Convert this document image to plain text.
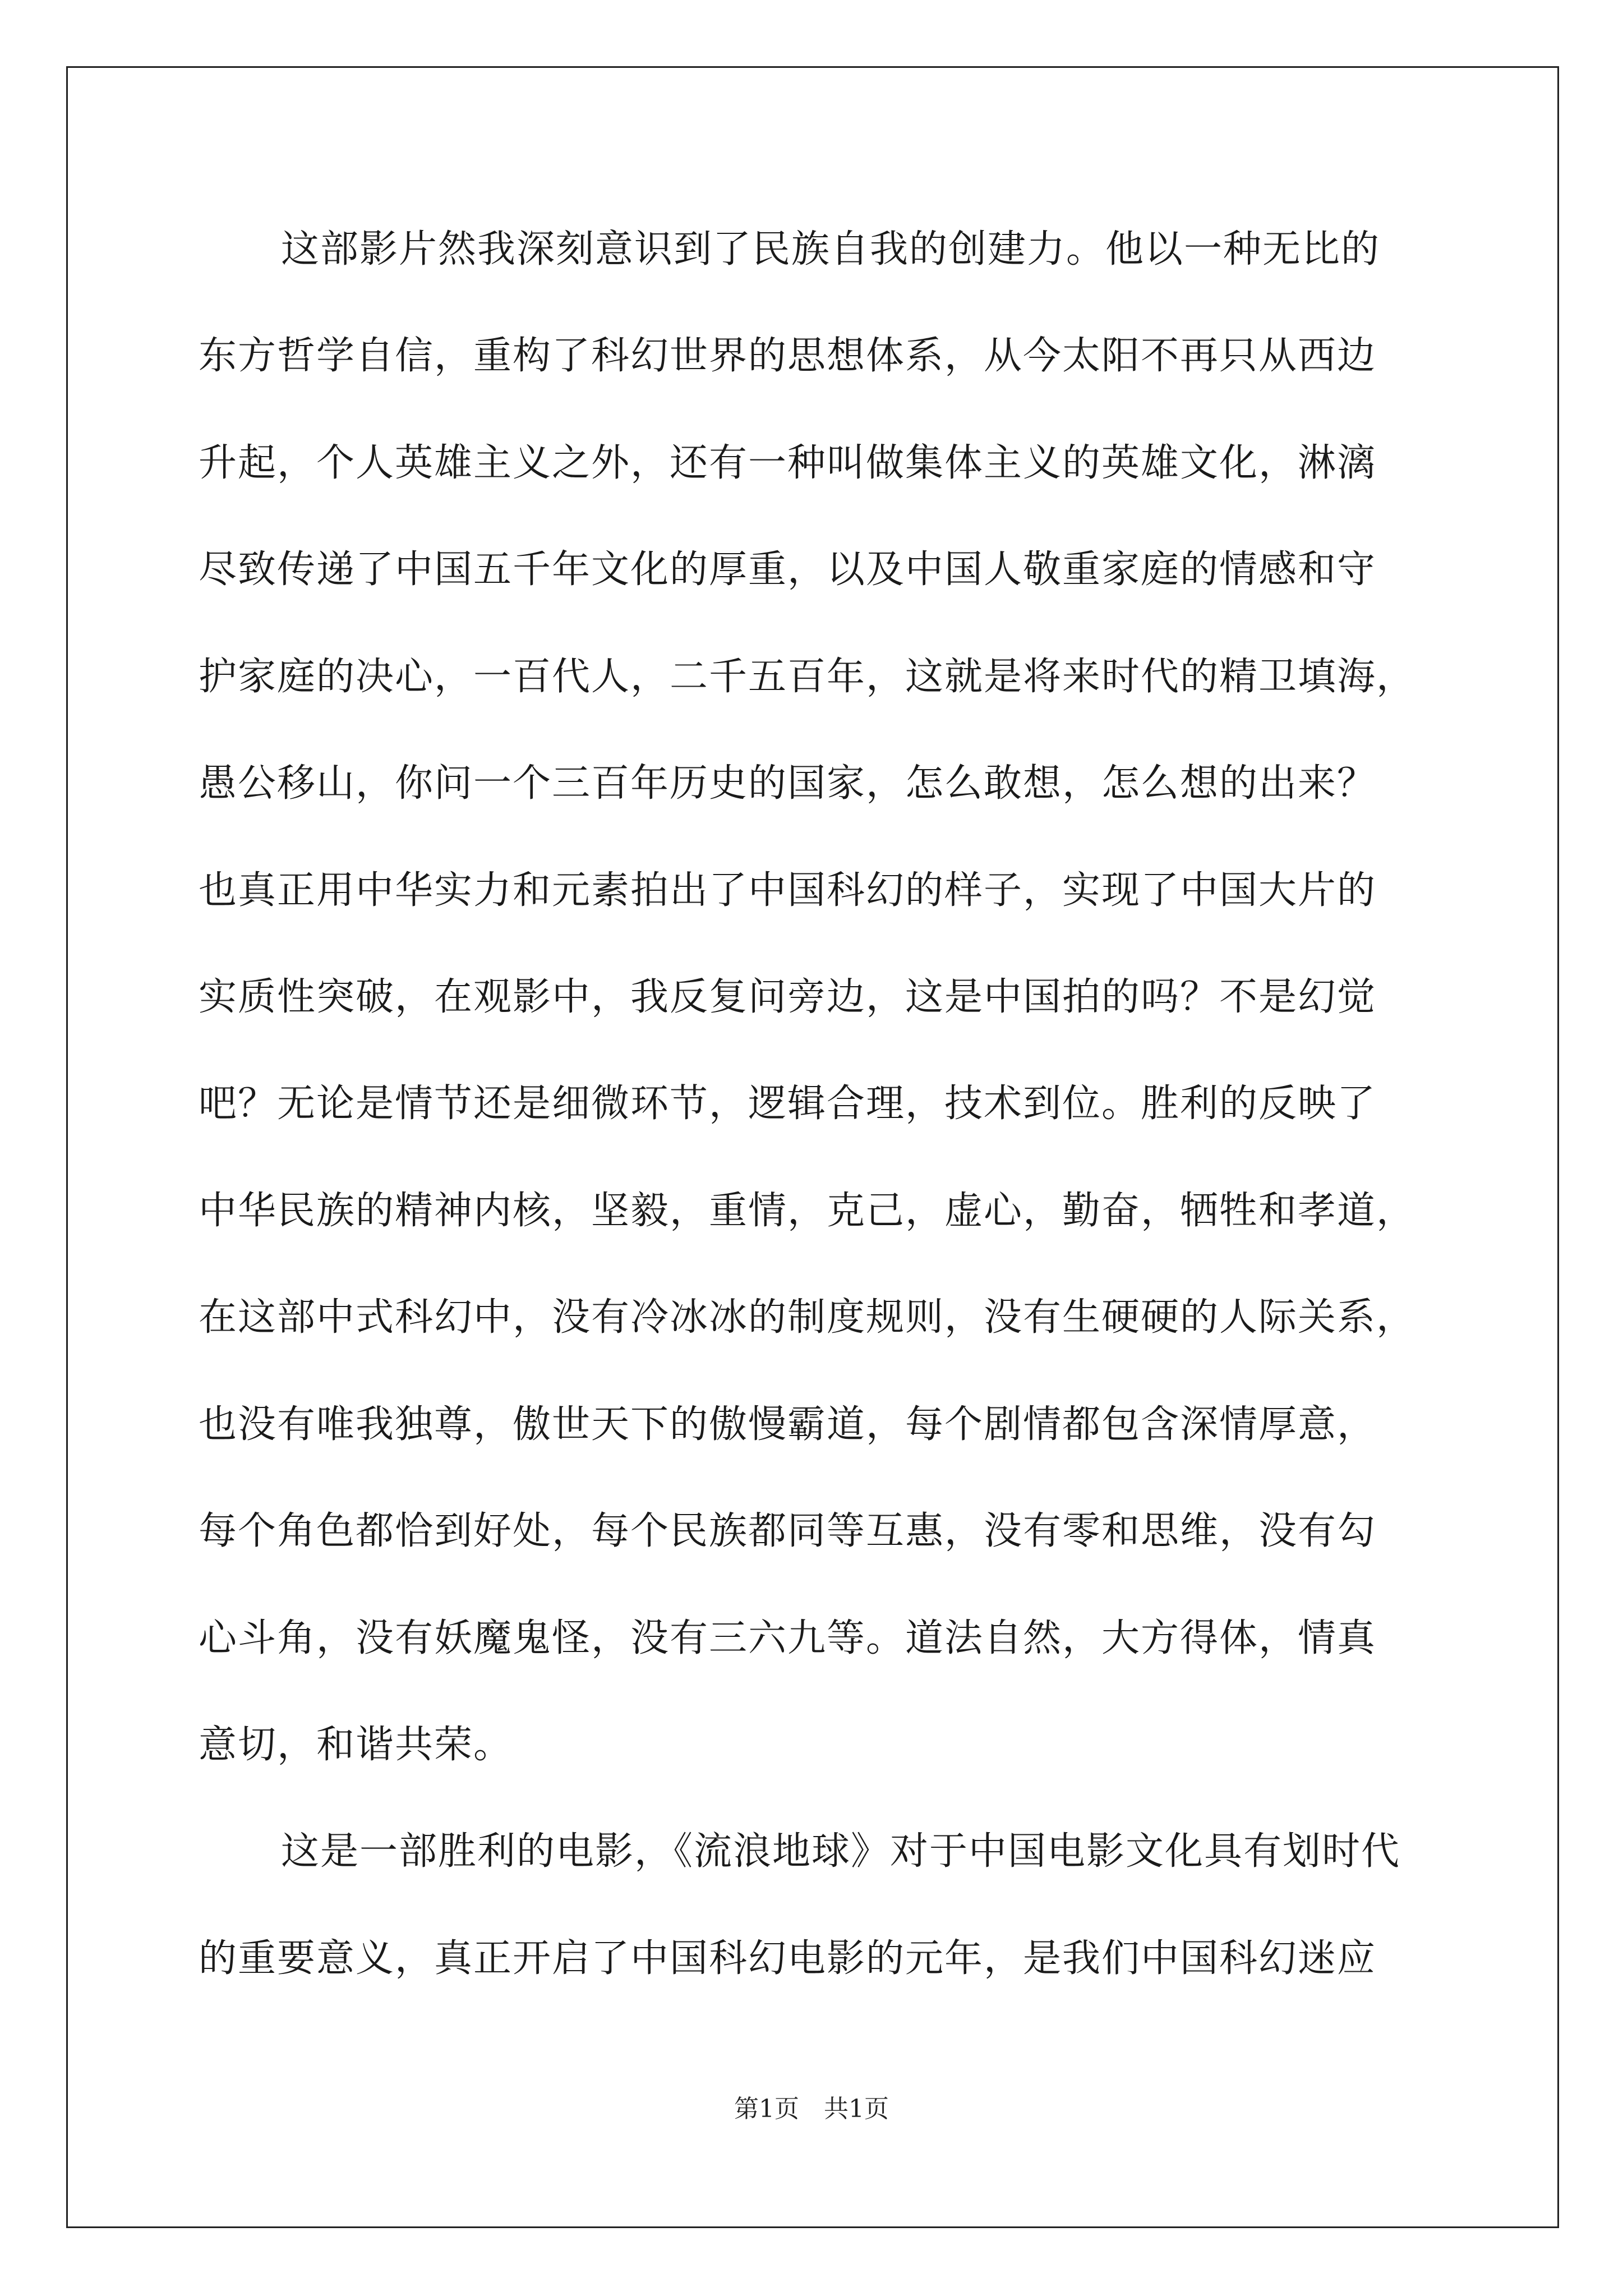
这部影片然我深刻意识到了民族自我的创建力。他以一种无比的
东方哲学自信，重构了科幻世界的思想体系，从今太阳不再只从西边
升起，个人英雄主义之外，还有一种叫做集体主义的英雄文化，淋漓
尽致传递了中国五千年文化的厚重，以及中国人敬重家庭的情感和守
护家庭的决心，一百代人，二千五百年，这就是将来时代的精卫填海，
愚公移山，你问一个三百年历史的国家，怎么敢想，怎么想的出来？
也真正用中华实力和元素拍出了中国科幻的样子，实现了中国大片的
实质性突破，在观影中，我反复问旁边，这是中国拍的吗？不是幻觉
吧？无论是情节还是细微环节，逻辑合理，技术到位。胜利的反映了
中华民族的精神内核，坚毅，重情，克己，虚心，勤奋，牺牲和孝道，
在这部中式科幻中，没有冷冰冰的制度规则，没有生硬硬的人际关系，
也没有唯我独尊，傲世天下的傲慢霸道，每个剧情都包含深情厚意，
每个角色都恰到好处，每个民族都同等互惠，没有零和思维，没有勾
心斗角，没有妖魔鬼怪，没有三六九等。道法自然，大方得体，情真
意切，和谐共荣。
这是一部胜利的电影，《流浪地球》对于中国电影文化具有划时代
的重要意义，真正开启了中国科幻电影的元年，是我们中国科幻迷应
第1页　共1页
